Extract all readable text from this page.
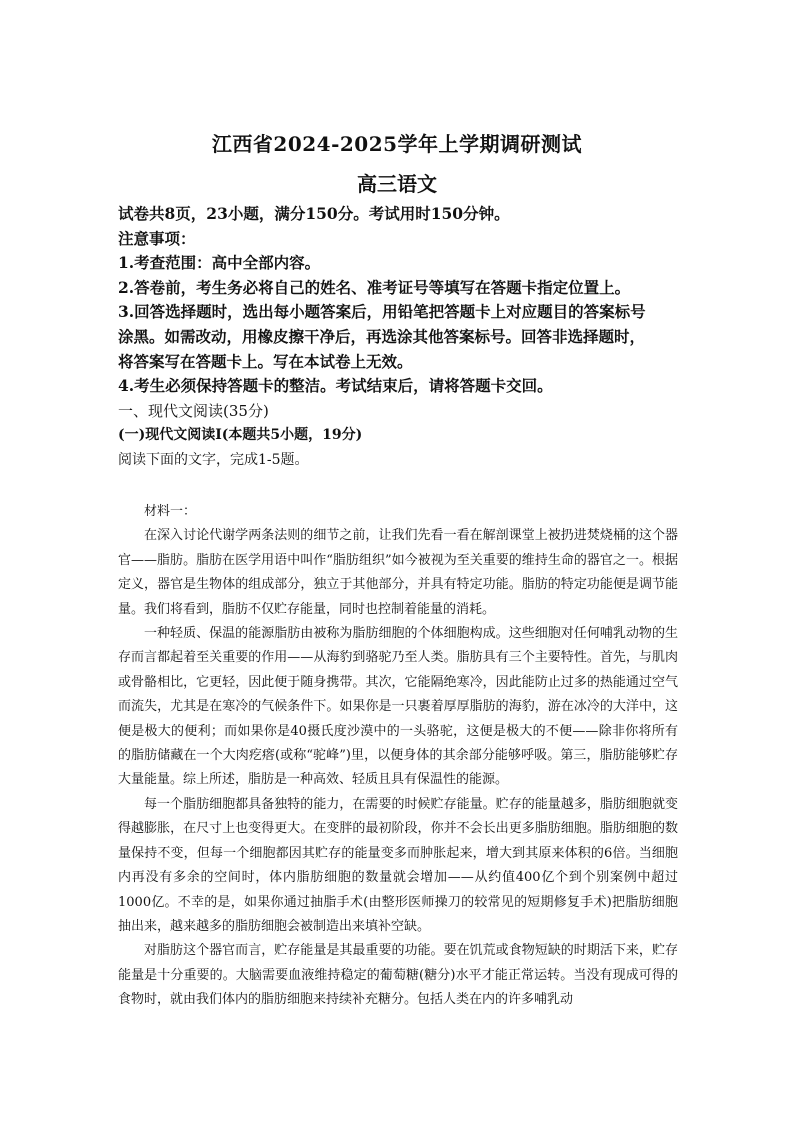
江西省2024-2025学年上学期调研测试
高三语文
试卷共8页，23小题，满分150分。考试用时150分钟。
注意事项：
1.考查范围：高中全部内容。
2.答卷前，考生务必将自己的姓名、准考证号等填写在答题卡指定位置上。
3.回答选择题时，选出每小题答案后，用铅笔把答题卡上对应题目的答案标号
涂黑。如需改动，用橡皮擦干净后，再选涂其他答案标号。回答非选择题时，
将答案写在答题卡上。写在本试卷上无效。
4.考生必须保持答题卡的整洁。考试结束后，请将答题卡交回。
一、现代文阅读(35分)
(一)现代文阅读Ⅰ(本题共5小题，19分)
阅读下面的文字，完成1-5题。
材料一：

在深入讨论代谢学两条法则的细节之前，让我们先看一看在解剖课堂上被扔进焚烧桶的这个器官——脂肪。脂肪在医学用语中叫作“脂肪组织”如今被视为至关重要的维持生命的器官之一。根据定义，器官是生物体的组成部分，独立于其他部分，并具有特定功能。脂肪的特定功能便是调节能量。我们将看到，脂肪不仅贮存能量，同时也控制着能量的消耗。

一种轻质、保温的能源脂肪由被称为脂肪细胞的个体细胞构成。这些细胞对任何哺乳动物的生存而言都起着至关重要的作用——从海豹到骆驼乃至人类。脂肪具有三个主要特性。首先，与肌肉或骨骼相比，它更轻，因此便于随身携带。其次，它能隔绝寒冷，因此能防止过多的热能通过空气而流失，尤其是在寒冷的气候条件下。如果你是一只裹着厚厚脂肪的海豹，游在冰冷的大洋中，这便是极大的便利；而如果你是40摄氏度沙漠中的一头骆驼，这便是极大的不便——除非你将所有的脂肪储藏在一个大肉疙瘩(或称“驼峰”)里，以便身体的其余部分能够呼吸。第三，脂肪能够贮存大量能量。综上所述，脂肪是一种高效、轻质且具有保温性的能源。

每一个脂肪细胞都具备独特的能力，在需要的时候贮存能量。贮存的能量越多，脂肪细胞就变得越膨胀，在尺寸上也变得更大。在变胖的最初阶段，你并不会长出更多脂肪细胞。脂肪细胞的数量保持不变，但每一个细胞都因其贮存的能量变多而肿胀起来，增大到其原来体积的6倍。当细胞内再没有多余的空间时，体内脂肪细胞的数量就会增加——从约值400亿个到个别案例中超过1000亿。不幸的是，如果你通过抽脂手术(由整形医师操刀的较常见的短期修复手术)把脂肪细胞抽出来，越来越多的脂肪细胞会被制造出来填补空缺。

对脂肪这个器官而言，贮存能量是其最重要的功能。要在饥荒或食物短缺的时期活下来，贮存能量是十分重要的。大脑需要血液维持稳定的葡萄糖(糖分)水平才能正常运转。当没有现成可得的食物时，就由我们体内的脂肪细胞来持续补充糖分。包括人类在内的许多哺乳动
